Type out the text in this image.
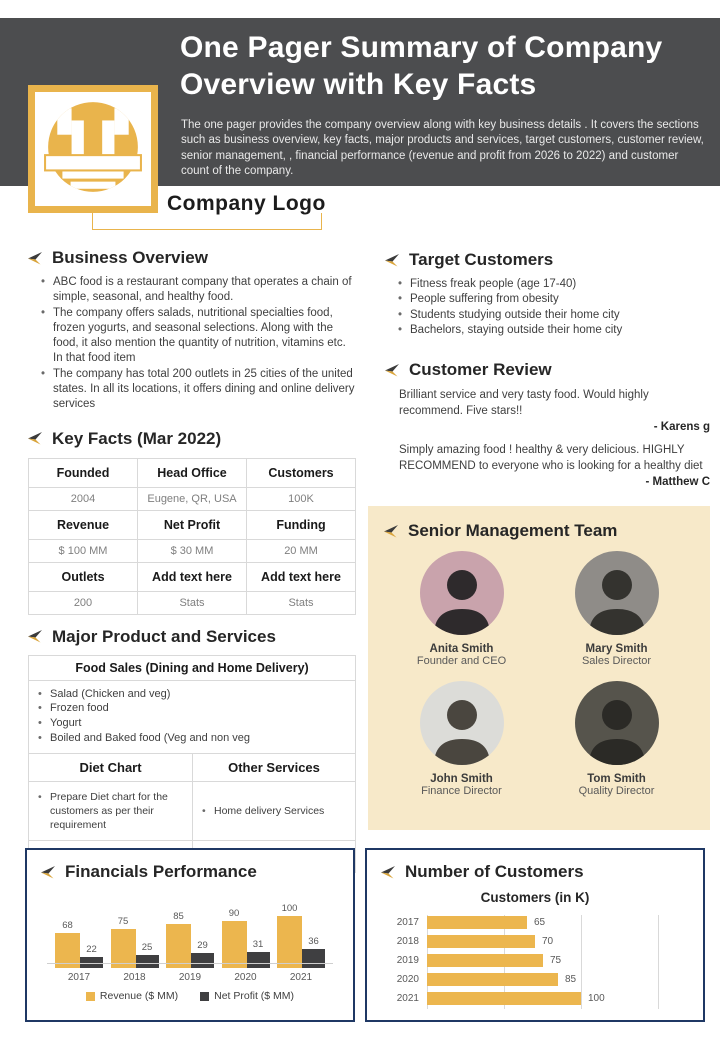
One Pager Summary of Company Overview with Key Facts

The one pager provides the company overview along with key business details . It covers the sections such as business overview, key facts, major products and services, target customers, customer review, senior management, , financial performance (revenue and profit from 2026 to 2022) and customer count of the company.

Company Logo
Business Overview
• ABC food is a restaurant company that operates a chain of simple, seasonal, and healthy food.
• The company offers salads, nutritional specialties food, frozen yogurts, and seasonal selections. Along with the food, it also mention the quantity of nutrition, vitamins etc. In that food item
• The company has total 200 outlets in 25 cities of the united states. In all its locations, it offers dining and online delivery services
Key Facts (Mar 2022)
Founded	Head Office	Customers
2004	Eugene, QR, USA	100K
Revenue	Net Profit	Funding
$ 100 MM	$ 30 MM	20 MM
Outlets	Add text here	Add text here
200	Stats	Stats
Major Product and Services
Food Sales (Dining and Home Delivery)
• Salad (Chicken and veg)
• Frozen food
• Yogurt
• Boiled and Baked food (Veg and non veg
Diet Chart	Other Services
• Prepare Diet chart for the customers as per their requirement
• Home delivery Services
•
•
Target Customers
• Fitness freak people (age 17-40)
• People suffering from obesity
• Students studying outside their home city
• Bachelors, staying outside their home city
Customer Review
Brilliant service and very tasty food. Would highly recommend. Five stars!!
- Karens g
Simply amazing food ! healthy & very delicious. HIGHLY RECOMMEND to everyone who is looking for a healthy diet
- Matthew C
Senior Management Team
Anita Smith
Founder and CEO
Mary Smith
Sales Director
John Smith
Finance Director
Tom Smith
Quality Director
Financials Performance
68
22
2017
75
25
2018
85
29
2019
90
31
2020
100
36
2021
Revenue ($ MM)	Net Profit ($ MM)
Number of Customers
Customers (in K)
2017	65
2018	70
2019	75
2020	85
2021	100
